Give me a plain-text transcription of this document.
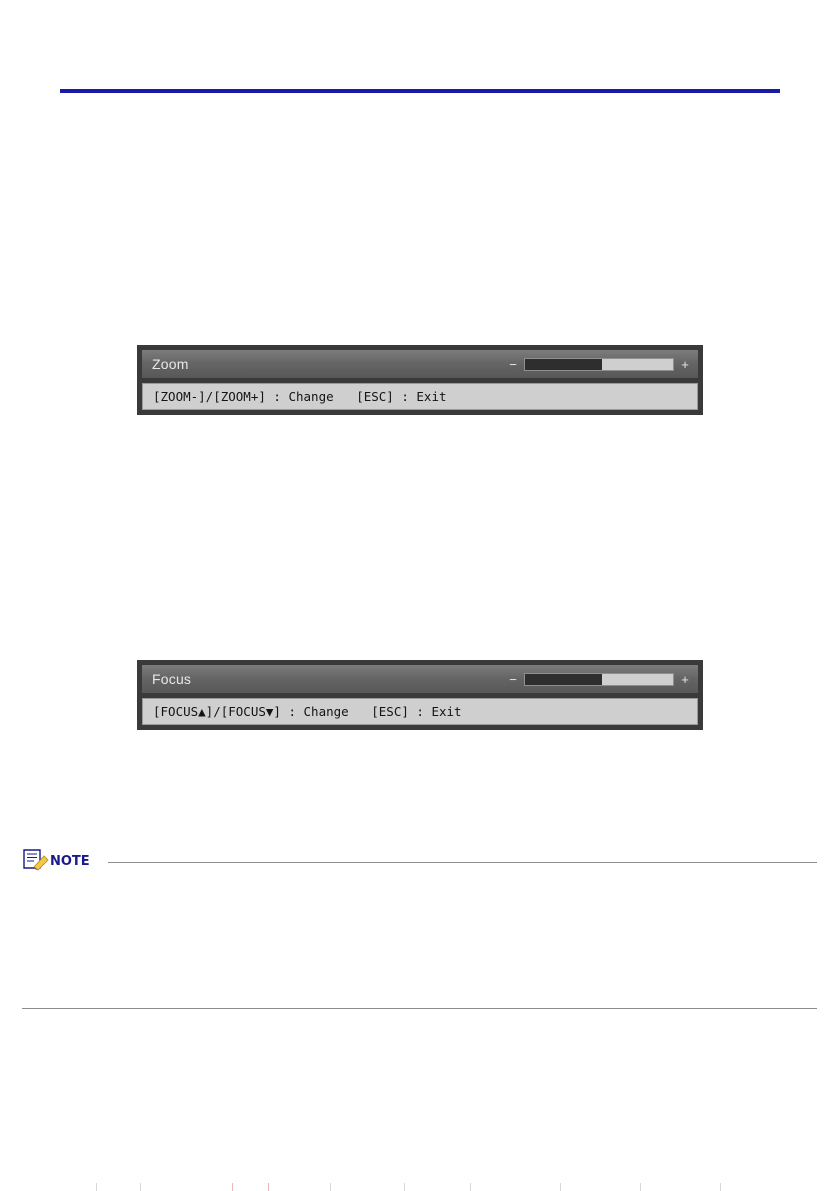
Zoom	−	+
[ZOOM-]/[ZOOM+] : Change   [ESC] : Exit
Focus	−	+
[FOCUS▲]/[FOCUS▼] : Change   [ESC] : Exit
NOTE
